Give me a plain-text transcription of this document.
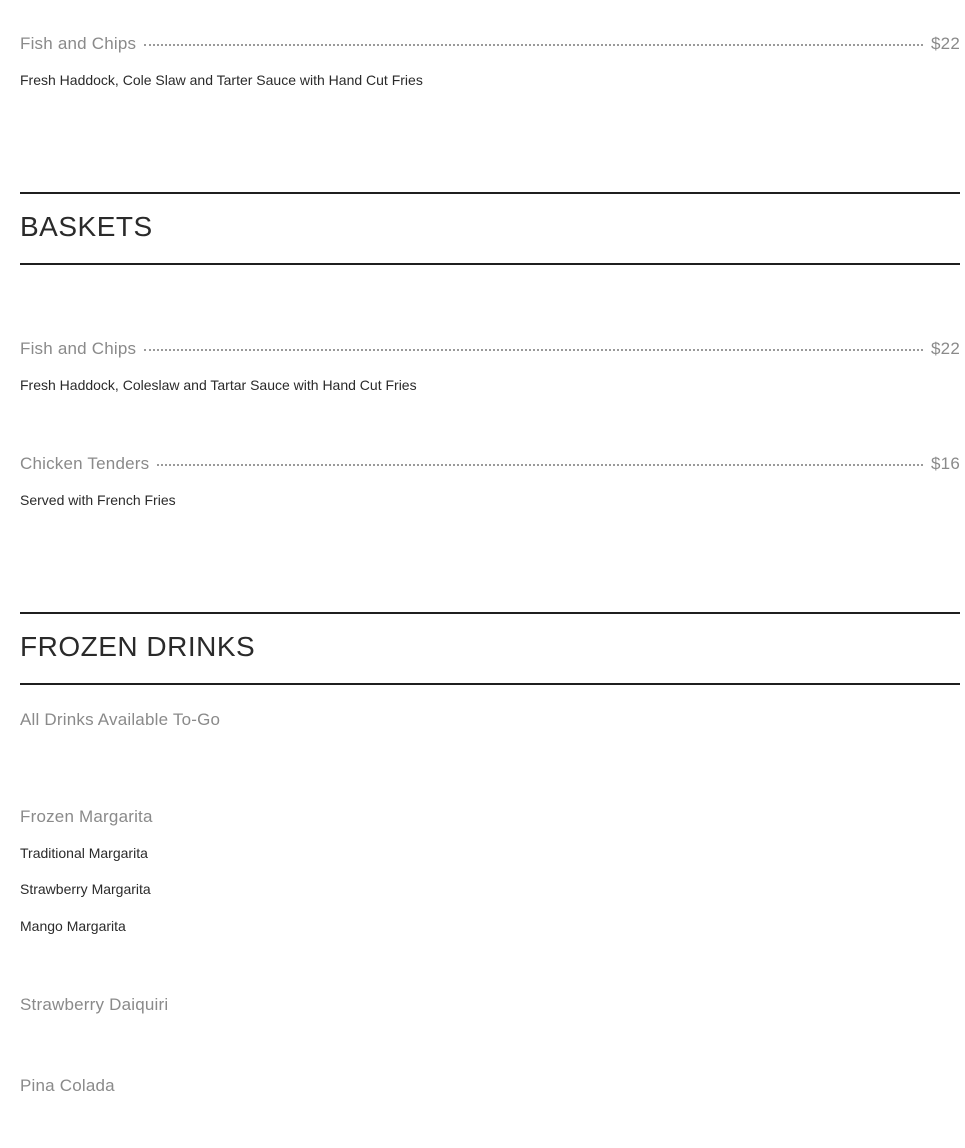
Fish and Chips	$22
Fresh Haddock, Cole Slaw and Tarter Sauce with Hand Cut Fries
BASKETS
Fish and Chips	$22
Fresh Haddock, Coleslaw and Tartar Sauce with Hand Cut Fries
Chicken Tenders	$16
Served with French Fries
FROZEN DRINKS
All Drinks Available To-Go
Frozen Margarita
Traditional Margarita
Strawberry Margarita
Mango Margarita
Strawberry Daiquiri
Pina Colada
